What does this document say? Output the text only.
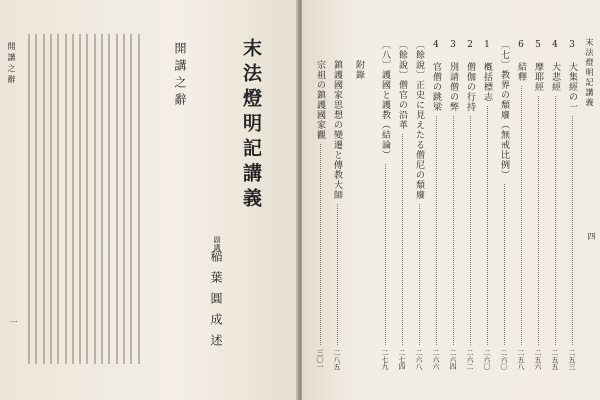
開講之辭
一
開講之辭	末法燈明記講義
副講
稲葉圓成述
3 大集經の一
二五三
4 大悲經
二五五
5 摩耶經
二五六
6 結釋
二五八
〔七〕教界の頽廢（無戒比例）
二六〇
1 槪括標志
二六〇
2 僧伽の行持
二六二
3 別請僧の弊
二六四
4 官僧の跳梁
二六六
〔餘說〕正史に見えたる僧尼の頽廢
二六八
〔餘說〕僧官の沿革
二七四
〔八〕護國と護教（結論）
二七九
附錄
鎮護國家思想の變遷と傳教大師
二八五
宗祖の鎮護國家觀
三〇一
末法燈明記講義
四
